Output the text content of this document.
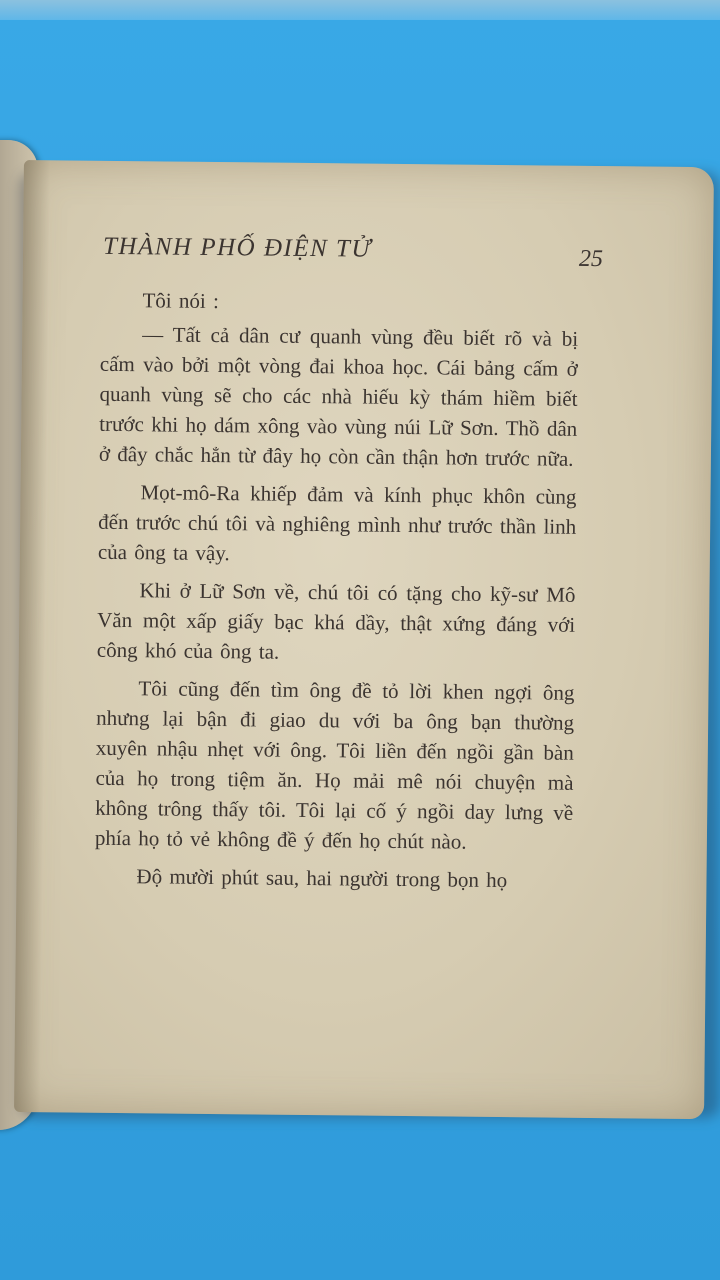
THÀNH PHỐ ĐIỆN TỬ	25

Tôi nói :

— Tất cả dân cư quanh vùng đều biết rõ và bị cấm vào bởi một vòng đai khoa học. Cái bảng cấm ở quanh vùng sẽ cho các nhà hiếu kỳ thám hiềm biết trước khi họ dám xông vào vùng núi Lữ Sơn. Thồ dân ở đây chắc hẳn từ đây họ còn cần thận hơn trước nữa.

Mọt-mô-Ra khiếp đảm và kính phục khôn cùng đến trước chú tôi và nghiêng mình như trước thần linh của ông ta vậy.

Khi ở Lữ Sơn về, chú tôi có tặng cho kỹ-sư Mô Văn một xấp giấy bạc khá dầy, thật xứng đáng với công khó của ông ta.

Tôi cũng đến tìm ông đề tỏ lời khen ngợi ông nhưng lại bận đi giao du với ba ông bạn thường xuyên nhậu nhẹt với ông. Tôi liền đến ngồi gần bàn của họ trong tiệm ăn. Họ mải mê nói chuyện mà không trông thấy tôi. Tôi lại cố ý ngồi day lưng về phía họ tỏ vẻ không đề ý đến họ chút nào.

Độ mười phút sau, hai người trong bọn họ
